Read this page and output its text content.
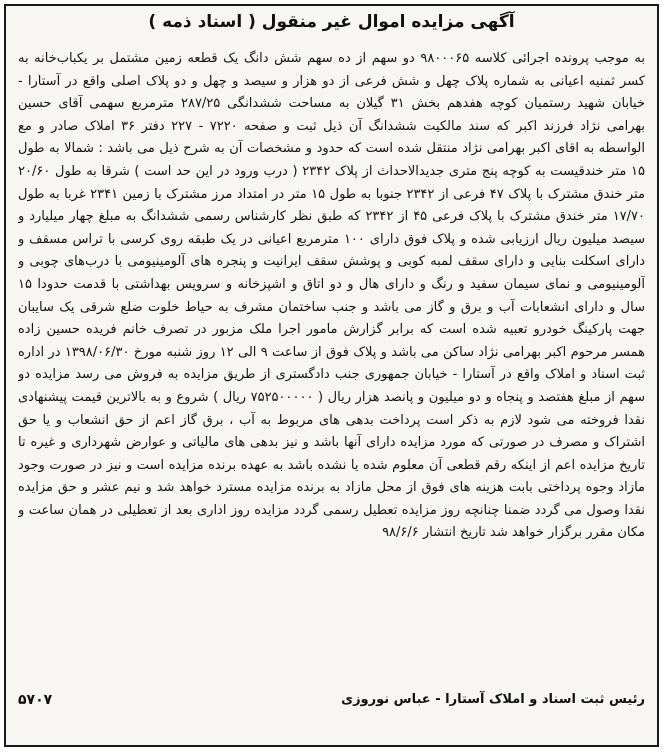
آگهی مزایده اموال غیر منقول ( اسناد ذمه )
به موجب پرونده اجرائی کلاسه ۹۸۰۰۰۶۵ دو سهم از ده سهم شش دانگ یک قطعه زمین مشتمل بر یکباب‌خانه به کسر ثمنیه اعیانی به شماره پلاک چهل و شش فرعی از دو هزار و سیصد و چهل و دو پلاک اصلی واقع در آستارا - خیابان شهید رستمیان کوچه هفدهم بخش ۳۱ گیلان به مساحت ششدانگی ۲۸۷/۲۵ مترمربع سهمی آقای حسین بهرامی نژاد فرزند اکبر که سند مالکیت ششدانگ آن ذیل ثبت و صفحه ۷۲۲۰ - ۲۲۷ دفتر ۳۶ املاک صادر و مع الواسطه به اقای اکبر بهرامی نژاد منتقل شده است که حدود و مشخصات آن به شرح ذیل می باشد : شمالا به طول ۱۵ متر خندقیست به کوچه پنج متری جدیدالاحداث از پلاک ۲۳۴۲ ( درب ورود در این حد است ) شرقا به طول ۲۰/۶۰ متر خندق مشترک با پلاک ۴۷ فرعی از ۲۳۴۲ جنوبا به طول ۱۵ متر در امتداد مرز مشترک با زمین ۲۳۴۱ غربا به طول ۱۷/۷۰ متر خندق مشترک با پلاک فرعی ۴۵ از ۲۳۴۲ که طبق نظر کارشناس رسمی ششدانگ به مبلغ چهار میلیارد و سیصد میلیون ریال ارزیابی شده و پلاک فوق دارای ۱۰۰ مترمربع اعیانی در یک طبقه روی کرسی با تراس مسقف و دارای اسکلت بنایی و دارای سقف لمبه کوبی و پوشش سقف ایرانیت و پنجره های آلومینیومی با درب‌های چوبی و آلومینیومی و نمای سیمان سفید و رنگ و دارای هال و دو اتاق و اشپزخانه و سرویس بهداشتی با قدمت حدودا ۱۵ سال و دارای انشعابات آب و برق و گاز می باشد و جنب ساختمان مشرف به حیاط خلوت ضلع شرقی یک سایبان جهت پارکینگ خودرو تعبیه شده است که برابر گزارش مامور اجرا ملک مزبور در تصرف خانم فریده حسین زاده همسر مرحوم اکبر بهرامی نژاد ساکن می باشد و پلاک فوق از ساعت ۹ الی ۱۲ روز شنبه مورخ ۱۳۹۸/۰۶/۳۰ در اداره ثبت اسناد و املاک واقع در آستارا - خیابان جمهوری جنب دادگستری از طریق مزایده به فروش می رسد مزایده دو سهم از مبلغ هفتصد و پنجاه و دو میلیون و پانصد هزار ریال ( ۷۵۲۵۰۰۰۰۰ ریال ) شروع و به بالاترین قیمت پیشنهادی نقدا فروخته می شود لازم به ذکر است پرداخت بدهی های مربوط به آب ، برق گاز اعم از حق انشعاب و یا حق اشتراک و مصرف در صورتی که مورد مزایده دارای آنها باشد و نیز بدهی های مالیاتی و عوارض شهرداری و غیره تا تاریخ مزایده اعم از اینکه رقم قطعی آن معلوم شده یا نشده باشد به عهده برنده مزایده است و نیز در صورت وجود مازاد وجوه پرداختی بابت هزینه های فوق از محل مازاد به برنده مزایده مسترد خواهد شد و نیم عشر و حق مزایده نقدا وصول می گردد ضمنا چنانچه روز مزایده تعطیل رسمی گردد مزایده روز اداری بعد از تعطیلی در همان ساعت و مکان مقرر برگزار خواهد شد تاریخ انتشار ۹۸/۶/۶
رئیس ثبت اسناد و املاک آستارا - عباس نوروزی
۵۷۰۷
